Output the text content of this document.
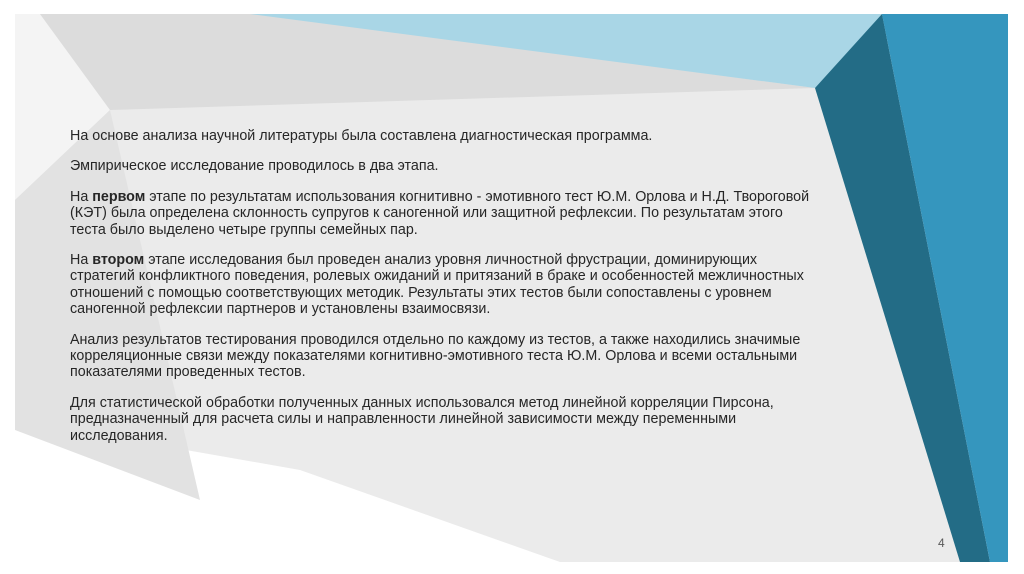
На основе анализа научной литературы была составлена диагностическая программа.

Эмпирическое исследование проводилось в два этапа.

На первом этапе по результатам использования когнитивно - эмотивного тест Ю.М. Орлова и Н.Д. Твороговой (КЭТ) была определена склонность супругов к саногенной или защитной рефлексии. По результатам этого теста было выделено четыре группы семейных пар.

На втором этапе исследования был проведен анализ уровня личностной фрустрации, доминирующих стратегий конфликтного поведения, ролевых ожиданий и притязаний в браке и особенностей межличностных отношений с помощью соответствующих методик. Результаты этих тестов были сопоставлены с уровнем саногенной рефлексии партнеров и установлены взаимосвязи.

Анализ результатов тестирования проводился отдельно по каждому из тестов, а также находились значимые корреляционные связи между показателями когнитивно-эмотивного теста Ю.М. Орлова и всеми остальными показателями проведенных тестов.

Для статистической обработки полученных данных использовался метод линейной корреляции Пирсона, предназначенный для расчета силы и направленности линейной зависимости между переменными исследования.

4
